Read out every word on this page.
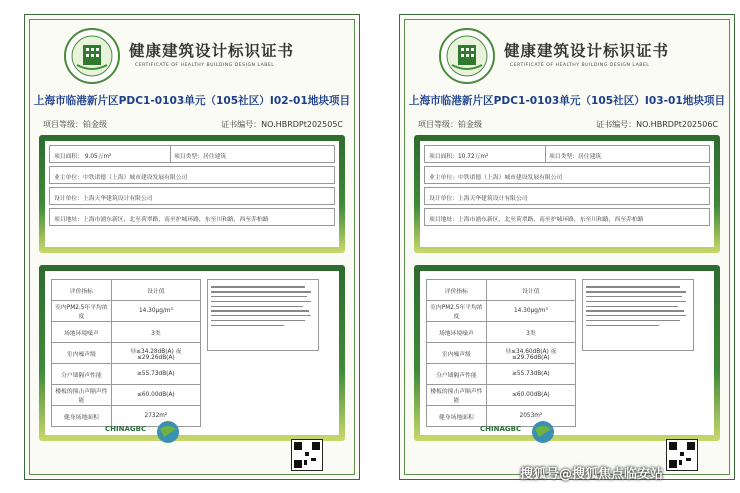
健康建筑设计标识证书
CERTIFICATE OF HEALTHY BUILDING DESIGN LABEL
上海市临港新片区PDC1-0103单元（105社区）I02-01地块项目
项目等级：铂金级	证书编号：NO.HBRDPt202505C
项目面积： 9.05万m²	项目类型：居住建筑
业主单位：中铁诺德（上海）城市建设发展有限公司
设计单位：上海天华建筑设计有限公司
项目地址：上海市浦东新区，北至荷翠路，南至护城环路，东至川和路，西至乔柏路
评价指标	设计值
室内PM2.5年平均浓度	14.30μg/m³
场地环境噪声	3类
室内噪声级	昼≤34.28dB(A) 夜≤29.26dB(A)
分户墙隔声性能	≥55.73dB(A)
楼板的撞击声隔声性能	≤60.00dB(A)
健身场地面积	2732m²
CHINAGBC
健康建筑设计标识证书
CERTIFICATE OF HEALTHY BUILDING DESIGN LABEL
上海市临港新片区PDC1-0103单元（105社区）I03-01地块项目
项目等级：铂金级	证书编号：NO.HBRDPt202506C
项目面积：10.72万m²	项目类型：居住建筑
业主单位：中铁诺德（上海）城市建设发展有限公司
设计单位：上海天华建筑设计有限公司
项目地址：上海市浦东新区，北至荷翠路，南至护城环路，东至川和路，西至乔柏路
评价指标	设计值
室内PM2.5年平均浓度	14.30μg/m³
场地环境噪声	3类
室内噪声级	昼≤34.60dB(A) 夜≤29.76dB(A)
分户墙隔声性能	≥55.73dB(A)
楼板的撞击声隔声性能	≤60.00dB(A)
健身场地面积	2053m²
CHINAGBC
搜狐号@搜狐焦点临安站
